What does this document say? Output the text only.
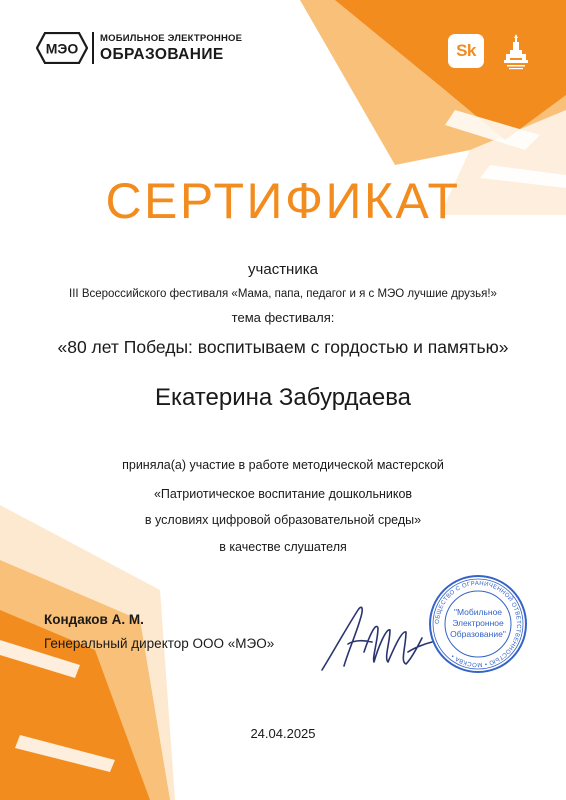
МЭО
МОБИЛЬНОЕ ЭЛЕКТРОННОЕ
ОБРАЗОВАНИЕ	Sk
СЕРТИФИКАТ
участника
III Всероссийского фестиваля «Мама, папа, педагог и я с МЭО лучшие друзья!»
тема фестиваля:
«80 лет Победы: воспитываем с гордостью и памятью»
Екатерина Забурдаева
приняла(а) участие в работе методической мастерской
«Патриотическое воспитание дошкольников
в условиях цифровой образовательной среды»
в качестве слушателя
Кондаков А. М.
Генеральный директор ООО «МЭО»
ОБЩЕСТВО С ОГРАНИЧЕННОЙ ОТВЕТСТВЕННОСТЬЮ • МОСКВА •
"Мобильное
Электронное
Образование"
24.04.2025
